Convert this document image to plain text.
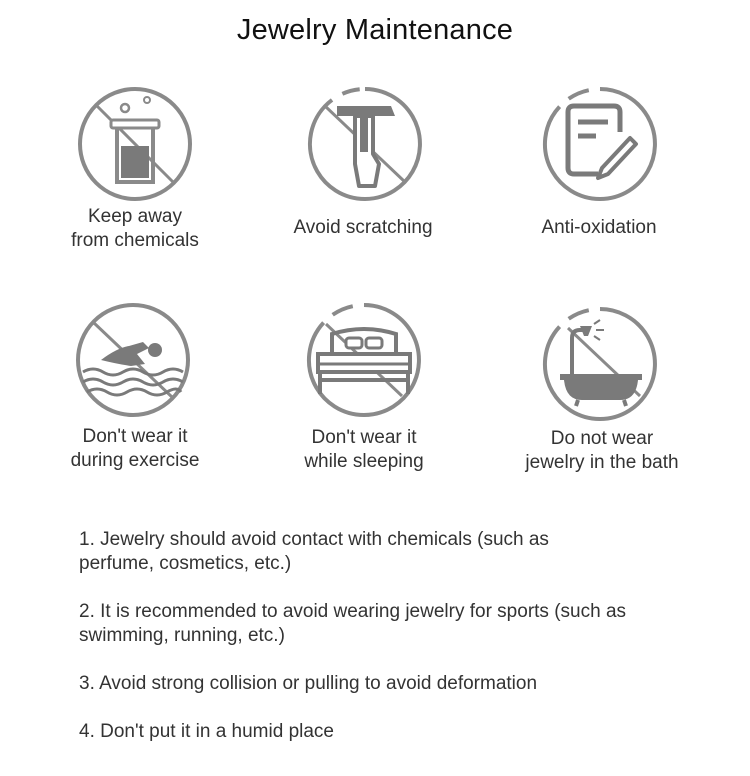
Jewelry Maintenance
Keep away
from chemicals
Avoid scratching	Anti-oxidation
Don't wear it
during exercise
Don't wear it
while sleeping
Do not wear
jewelry in the bath
1. Jewelry should avoid contact with chemicals (such as perfume, cosmetics, etc.)
2. It is recommended to avoid wearing jewelry for sports (such as swimming, running, etc.)
3. Avoid strong collision or pulling to avoid deformation
4. Don't put it in a humid place
